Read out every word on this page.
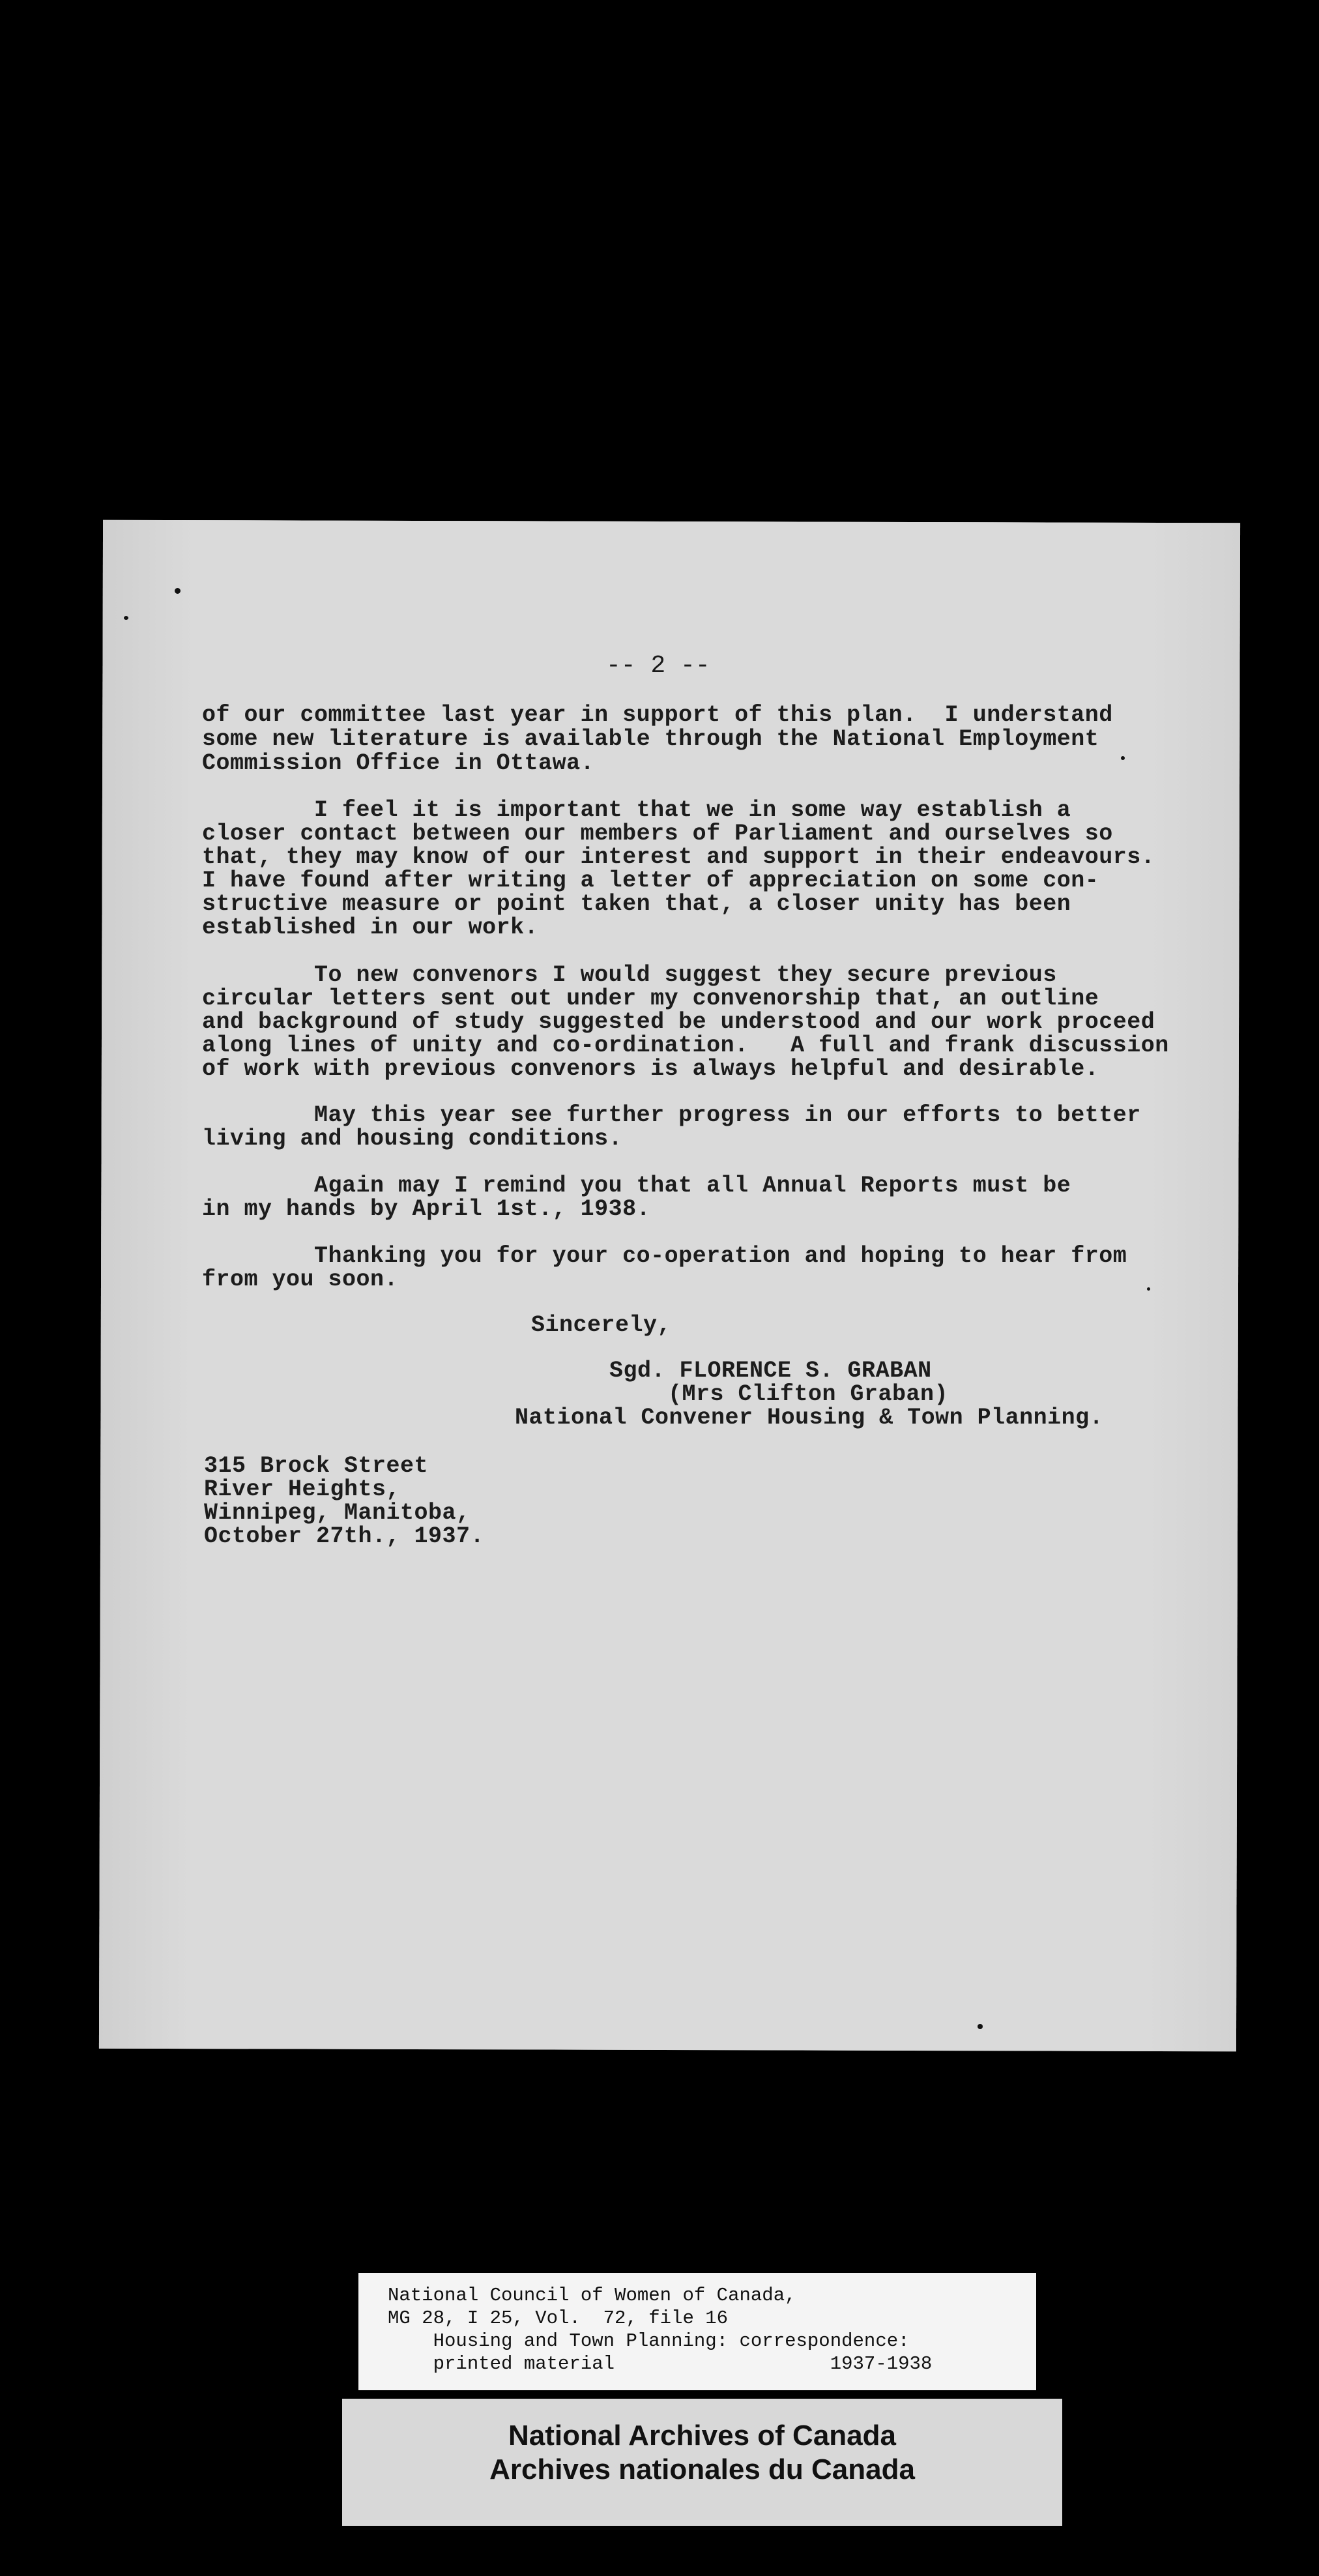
-- 2 --
of our committee last year in support of this plan.  I understand
some new literature is available through the National Employment
Commission Office in Ottawa.
I feel it is important that we in some way establish a
closer contact between our members of Parliament and ourselves so
that, they may know of our interest and support in their endeavours.
I have found after writing a letter of appreciation on some con-
structive measure or point taken that, a closer unity has been
established in our work.
To new convenors I would suggest they secure previous
circular letters sent out under my convenorship that, an outline
and background of study suggested be understood and our work proceed
along lines of unity and co-ordination.   A full and frank discussion
of work with previous convenors is always helpful and desirable.
May this year see further progress in our efforts to better
living and housing conditions.
Again may I remind you that all Annual Reports must be
in my hands by April 1st., 1938.
Thanking you for your co-operation and hoping to hear from
from you soon.
Sincerely,
Sgd. FLORENCE S. GRABAN
(Mrs Clifton Graban)
National Convener Housing & Town Planning.
315 Brock Street
River Heights,
Winnipeg, Manitoba,
October 27th., 1937.
National Council of Women of Canada,
MG 28, I 25, Vol.  72, file 16
Housing and Town Planning: correspondence:
printed material                   1937-1938
National Archives of Canada
Archives nationales du Canada
